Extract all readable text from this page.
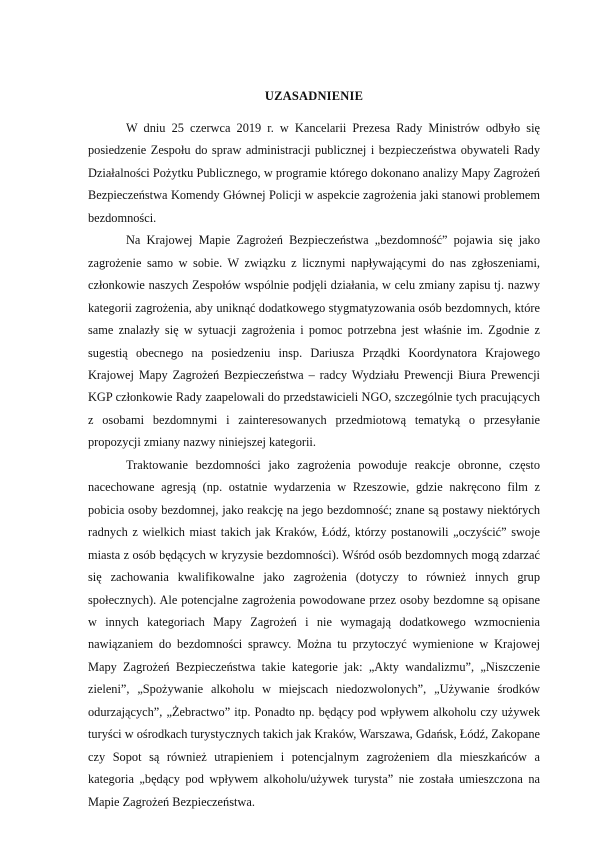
UZASADNIENIE

W dniu 25 czerwca 2019 r. w Kancelarii Prezesa Rady Ministrów odbyło się posiedzenie Zespołu do spraw administracji publicznej i bezpieczeństwa obywateli Rady Działalności Pożytku Publicznego, w programie którego dokonano analizy Mapy Zagrożeń Bezpieczeństwa Komendy Głównej Policji w aspekcie zagrożenia jaki stanowi problemem bezdomności.

Na Krajowej Mapie Zagrożeń Bezpieczeństwa „bezdomność” pojawia się jako zagrożenie samo w sobie. W związku z licznymi napływającymi do nas zgłoszeniami, członkowie naszych Zespołów wspólnie podjęli działania, w celu zmiany zapisu tj. nazwy kategorii zagrożenia, aby uniknąć dodatkowego stygmatyzowania osób bezdomnych, które same znalazły się w sytuacji zagrożenia i pomoc potrzebna jest właśnie im. Zgodnie z sugestią obecnego na posiedzeniu insp. Dariusza Prządki Koordynatora Krajowego Krajowej Mapy Zagrożeń Bezpieczeństwa – radcy Wydziału Prewencji Biura Prewencji KGP członkowie Rady zaapelowali do przedstawicieli NGO, szczególnie tych pracujących z osobami bezdomnymi i zainteresowanych przedmiotową tematyką o przesyłanie propozycji zmiany nazwy niniejszej kategorii.

Traktowanie bezdomności jako zagrożenia powoduje reakcje obronne, często nacechowane agresją (np. ostatnie wydarzenia w Rzeszowie, gdzie nakręcono film z pobicia osoby bezdomnej, jako reakcję na jego bezdomność; znane są postawy niektórych radnych z wielkich miast takich jak Kraków, Łódź, którzy postanowili „oczyścić” swoje miasta z osób będących w kryzysie bezdomności). Wśród osób bezdomnych mogą zdarzać się zachowania kwalifikowalne jako zagrożenia (dotyczy to również innych grup społecznych). Ale potencjalne zagrożenia powodowane przez osoby bezdomne są opisane w innych kategoriach Mapy Zagrożeń i nie wymagają dodatkowego wzmocnienia nawiązaniem do bezdomności sprawcy. Można tu przytoczyć wymienione w Krajowej Mapy Zagrożeń Bezpieczeństwa takie kategorie jak: „Akty wandalizmu”, „Niszczenie zieleni”, „Spożywanie alkoholu w miejscach niedozwolonych”, „Używanie środków odurzających”, „Żebractwo” itp. Ponadto np. będący pod wpływem alkoholu czy używek turyści w ośrodkach turystycznych takich jak Kraków, Warszawa, Gdańsk, Łódź, Zakopane czy Sopot są również utrapieniem i potencjalnym zagrożeniem dla mieszkańców a kategoria „będący pod wpływem alkoholu/używek turysta” nie została umieszczona na Mapie Zagrożeń Bezpieczeństwa.
